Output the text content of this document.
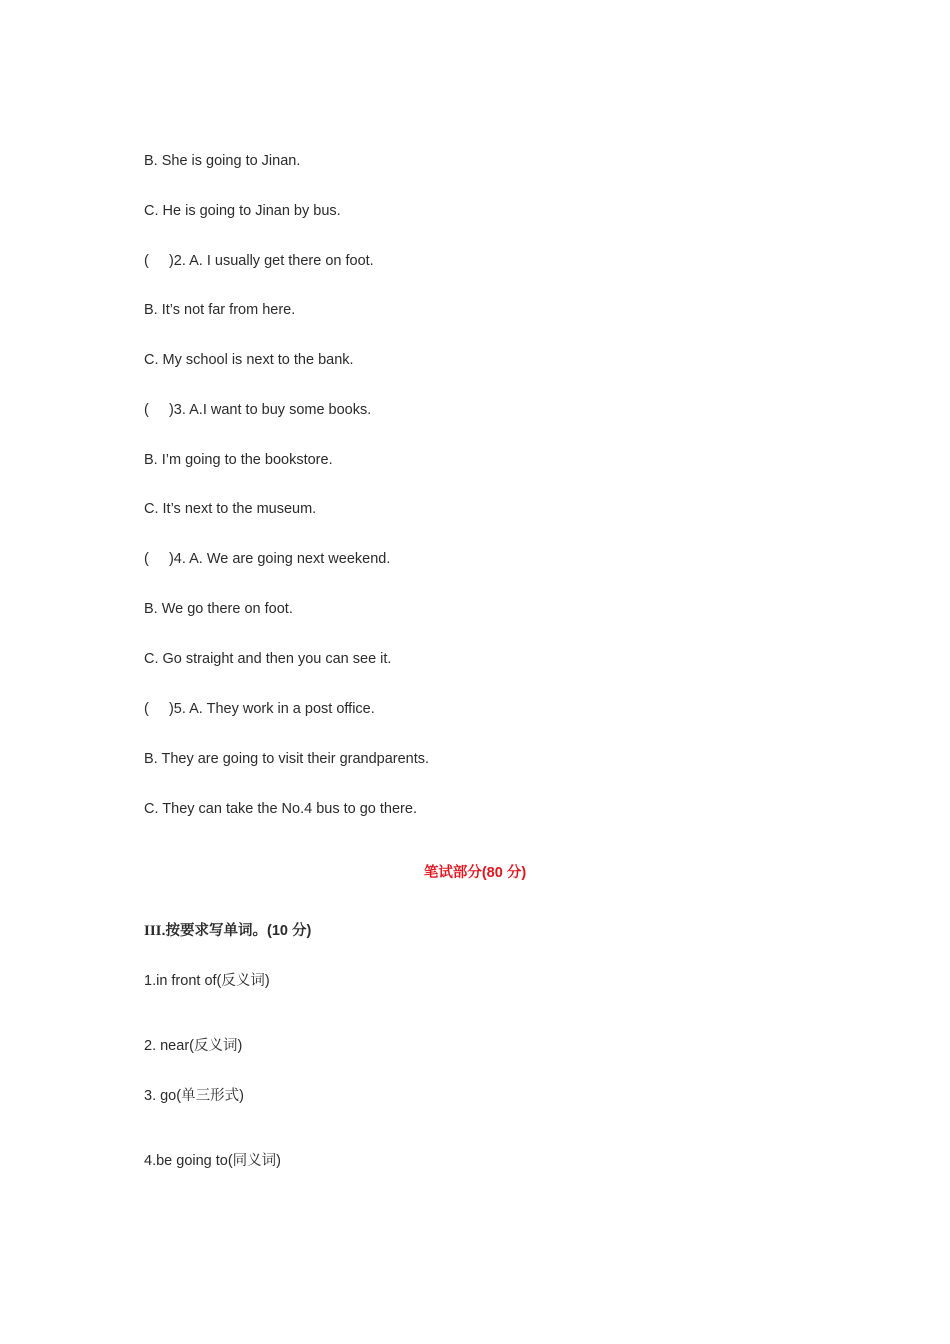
B. She is going to Jinan.
C. He is going to Jinan by bus.
(     )2. A. I usually get there on foot.
B. It’s not far from here.
C. My school is next to the bank.
(     )3. A.I want to buy some books.
B. I’m going to the bookstore.
C. It’s next to the museum.
(     )4. A. We are going next weekend.
B. We go there on foot.
C. Go straight and then you can see it.
(     )5. A. They work in a post office.
B. They are going to visit their grandparents.
C. They can take the No.4 bus to go there.
笔试部分(80 分)
III.按要求写单词。(10 分)
1.in front of(反义词)
2. near(反义词)
3. go(单三形式)
4.be going to(同义词)
